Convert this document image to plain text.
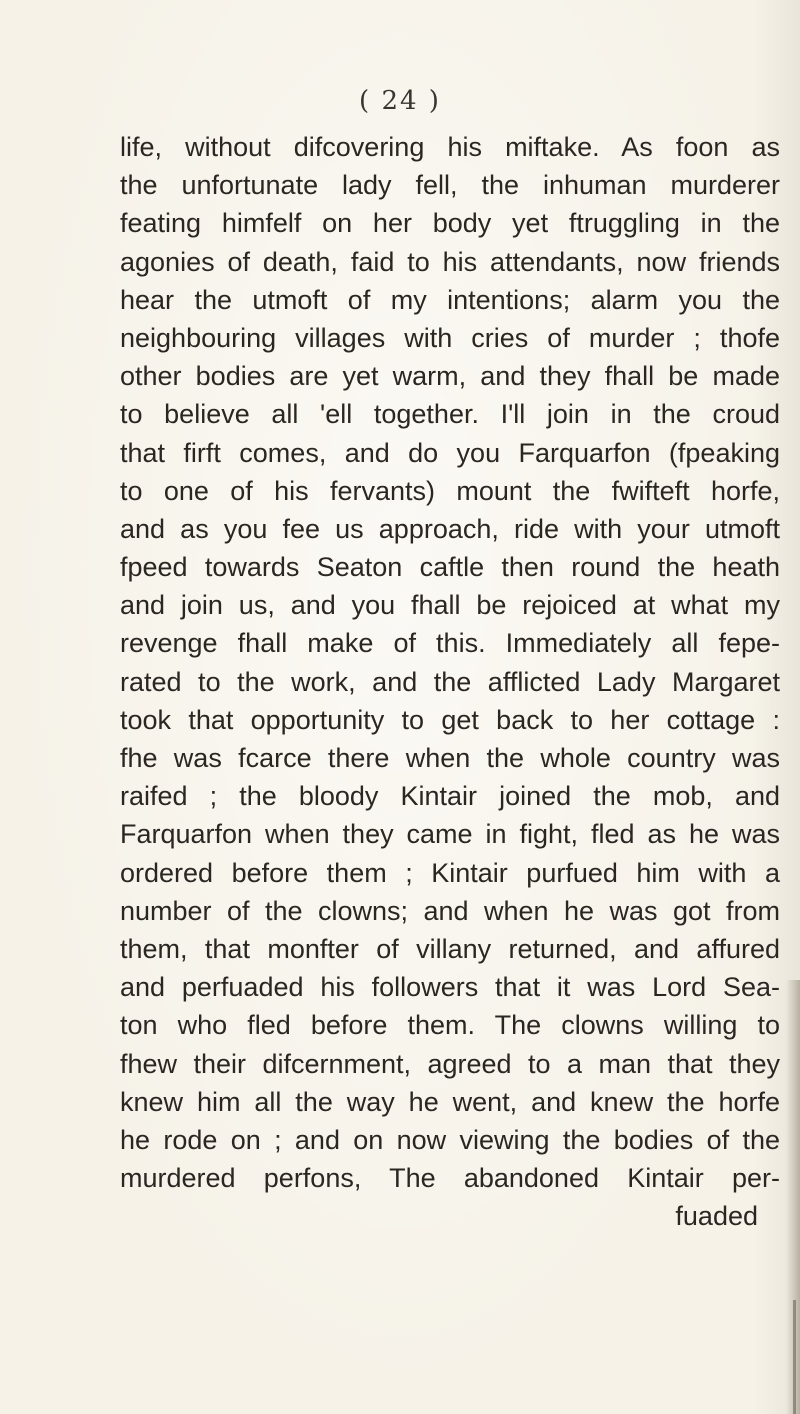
( 24 )
life, without difcovering his miftake. As foon as
the unfortunate lady fell, the inhuman murderer
feating himfelf on her body yet ftruggling in the
agonies of death, faid to his attendants, now friends
hear the utmoft of my intentions; alarm you the
neighbouring villages with cries of murder ; thofe
other bodies are yet warm, and they fhall be made
to believe all 'ell together. I'll join in the croud
that firft comes, and do you Farquarfon (fpeaking
to one of his fervants) mount the fwifteft horfe,
and as you fee us approach, ride with your utmoft
fpeed towards Seaton caftle then round the heath
and join us, and you fhall be rejoiced at what my
revenge fhall make of this. Immediately all fepe-
rated to the work, and the afflicted Lady Margaret
took that opportunity to get back to her cottage :
fhe was fcarce there when the whole country was
raifed ; the bloody Kintair joined the mob, and
Farquarfon when they came in fight, fled as he was
ordered before them ; Kintair purfued him with a
number of the clowns; and when he was got from
them, that monfter of villany returned, and affured
and perfuaded his followers that it was Lord Sea-
ton who fled before them. The clowns willing to
fhew their difcernment, agreed to a man that they
knew him all the way he went, and knew the horfe
he rode on ; and on now viewing the bodies of the
murdered perfons, The abandoned Kintair per-
fuaded
